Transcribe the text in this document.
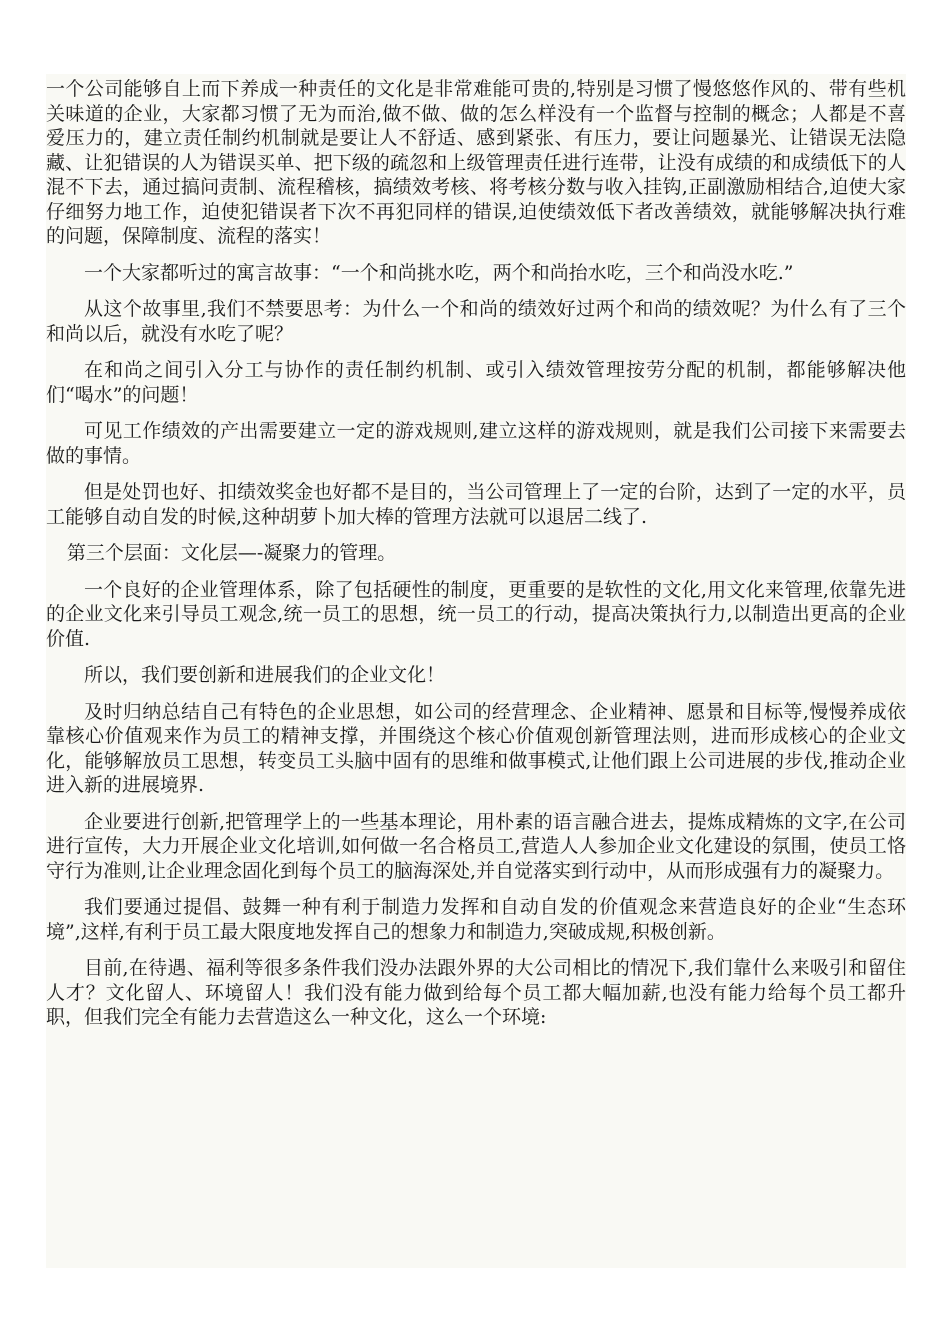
一个公司能够自上而下养成一种责任的文化是非常难能可贵的,特别是习惯了慢悠悠作风的、带有些机关味道的企业，大家都习惯了无为而治,做不做、做的怎么样没有一个监督与控制的概念；人都是不喜爱压力的，建立责任制约机制就是要让人不舒适、感到紧张、有压力，要让问题暴光、让错误无法隐藏、让犯错误的人为错误买单、把下级的疏忽和上级管理责任进行连带，让没有成绩的和成绩低下的人混不下去，通过搞问责制、流程稽核，搞绩效考核、将考核分数与收入挂钩,正副激励相结合,迫使大家仔细努力地工作，迫使犯错误者下次不再犯同样的错误,迫使绩效低下者改善绩效，就能够解决执行难的问题，保障制度、流程的落实！

一个大家都听过的寓言故事：“一个和尚挑水吃，两个和尚抬水吃，三个和尚没水吃.”

从这个故事里,我们不禁要思考：为什么一个和尚的绩效好过两个和尚的绩效呢？为什么有了三个和尚以后，就没有水吃了呢？

在和尚之间引入分工与协作的责任制约机制、或引入绩效管理按劳分配的机制，都能够解决他们“喝水”的问题！

可见工作绩效的产出需要建立一定的游戏规则,建立这样的游戏规则，就是我们公司接下来需要去做的事情。

但是处罚也好、扣绩效奖金也好都不是目的，当公司管理上了一定的台阶，达到了一定的水平，员工能够自动自发的时候,这种胡萝卜加大棒的管理方法就可以退居二线了.

第三个层面：文化层—-凝聚力的管理。

一个良好的企业管理体系，除了包括硬性的制度，更重要的是软性的文化,用文化来管理,依靠先进的企业文化来引导员工观念,统一员工的思想，统一员工的行动，提高决策执行力,以制造出更高的企业价值.

所以，我们要创新和进展我们的企业文化！

及时归纳总结自己有特色的企业思想，如公司的经营理念、企业精神、愿景和目标等,慢慢养成依靠核心价值观来作为员工的精神支撑，并围绕这个核心价值观创新管理法则，进而形成核心的企业文化，能够解放员工思想，转变员工头脑中固有的思维和做事模式,让他们跟上公司进展的步伐,推动企业进入新的进展境界.

企业要进行创新,把管理学上的一些基本理论，用朴素的语言融合进去，提炼成精炼的文字,在公司进行宣传，大力开展企业文化培训,如何做一名合格员工,营造人人参加企业文化建设的氛围，使员工恪守行为准则,让企业理念固化到每个员工的脑海深处,并自觉落实到行动中，从而形成强有力的凝聚力。

我们要通过提倡、鼓舞一种有利于制造力发挥和自动自发的价值观念来营造良好的企业“生态环境”,这样,有利于员工最大限度地发挥自己的想象力和制造力,突破成规,积极创新。

目前,在待遇、福利等很多条件我们没办法跟外界的大公司相比的情况下,我们靠什么来吸引和留住人才？文化留人、环境留人！我们没有能力做到给每个员工都大幅加薪,也没有能力给每个员工都升职，但我们完全有能力去营造这么一种文化，这么一个环境:
